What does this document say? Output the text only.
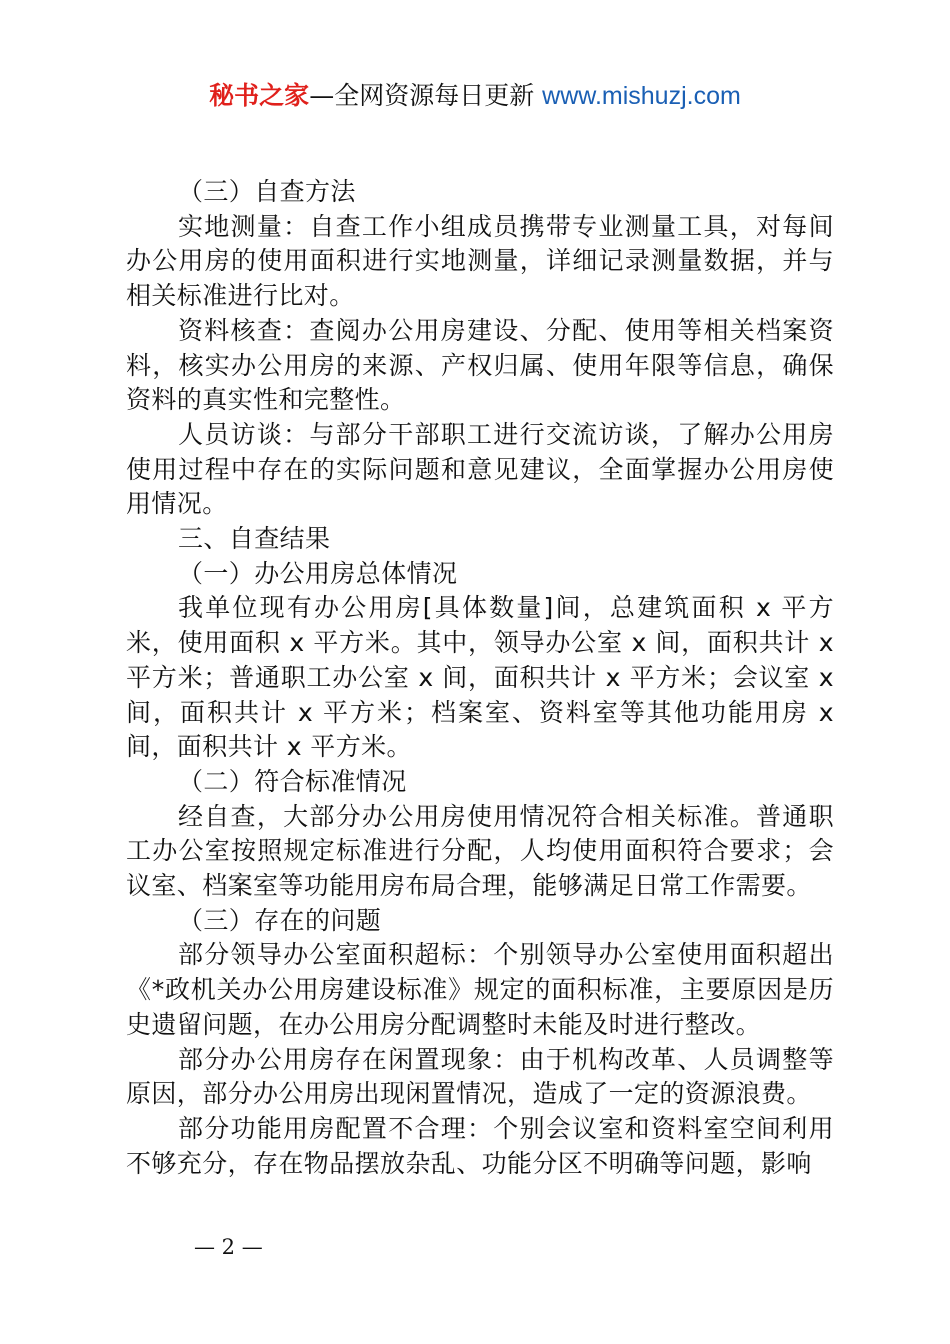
秘书之家—全网资源每日更新 www.mishuzj.com

（三）自查方法

实地测量：自查工作小组成员携带专业测量工具，对每间办公用房的使用面积进行实地测量，详细记录测量数据，并与相关标准进行比对。

资料核查：查阅办公用房建设、分配、使用等相关档案资料，核实办公用房的来源、产权归属、使用年限等信息，确保资料的真实性和完整性。

人员访谈：与部分干部职工进行交流访谈，了解办公用房使用过程中存在的实际问题和意见建议，全面掌握办公用房使用情况。

三、自查结果

（一）办公用房总体情况

我单位现有办公用房[具体数量]间，总建筑面积 x 平方米，使用面积 x 平方米。其中，领导办公室 x 间，面积共计 x 平方米；普通职工办公室 x 间，面积共计 x 平方米；会议室 x 间，面积共计 x 平方米；档案室、资料室等其他功能用房 x 间，面积共计 x 平方米。

（二）符合标准情况

经自查，大部分办公用房使用情况符合相关标准。普通职工办公室按照规定标准进行分配，人均使用面积符合要求；会议室、档案室等功能用房布局合理，能够满足日常工作需要。

（三）存在的问题

部分领导办公室面积超标：个别领导办公室使用面积超出《*政机关办公用房建设标准》规定的面积标准，主要原因是历史遗留问题，在办公用房分配调整时未能及时进行整改。

部分办公用房存在闲置现象：由于机构改革、人员调整等原因，部分办公用房出现闲置情况，造成了一定的资源浪费。

部分功能用房配置不合理：个别会议室和资料室空间利用不够充分，存在物品摆放杂乱、功能分区不明确等问题，影响

— 2 —
